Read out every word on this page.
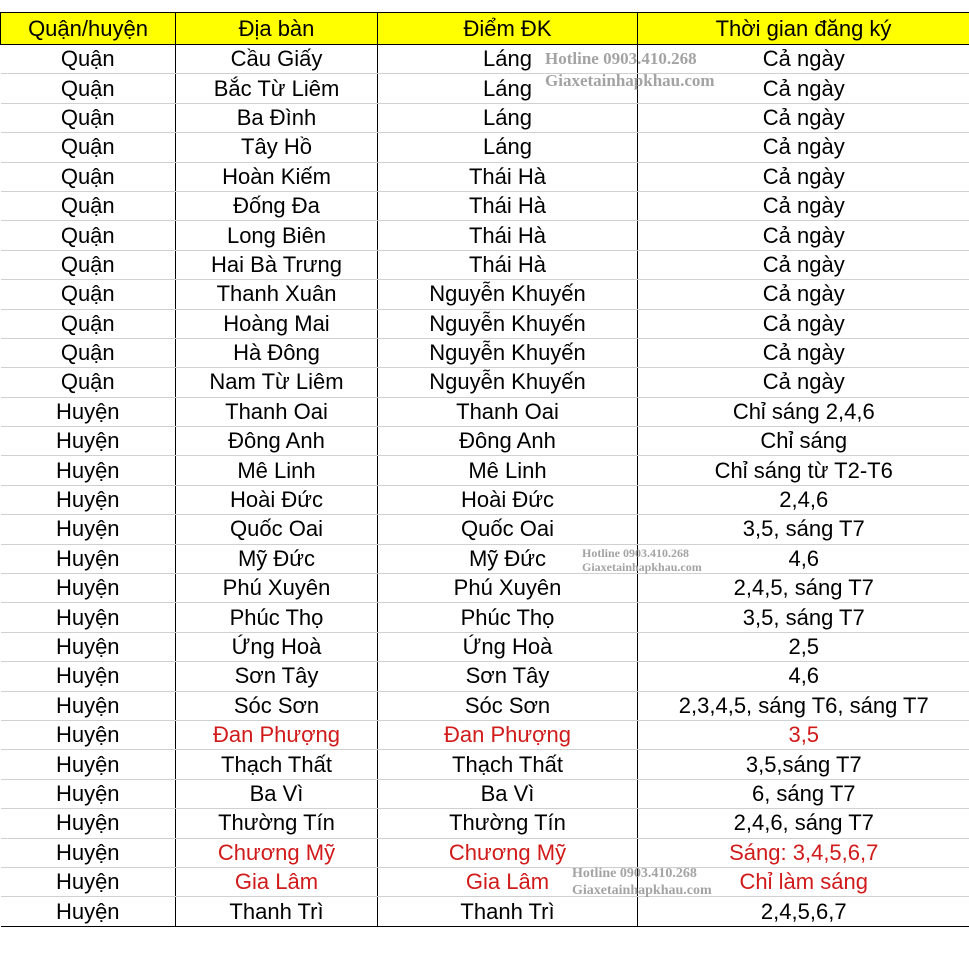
Quận/huyện	Địa bàn	Điểm ĐK	Thời gian đăng ký
Quận	Cầu Giấy	Láng	Cả ngày
Quận	Bắc Từ Liêm	Láng	Cả ngày
Quận	Ba Đình	Láng	Cả ngày
Quận	Tây Hồ	Láng	Cả ngày
Quận	Hoàn Kiếm	Thái Hà	Cả ngày
Quận	Đống Đa	Thái Hà	Cả ngày
Quận	Long Biên	Thái Hà	Cả ngày
Quận	Hai Bà Trưng	Thái Hà	Cả ngày
Quận	Thanh Xuân	Nguyễn Khuyến	Cả ngày
Quận	Hoàng Mai	Nguyễn Khuyến	Cả ngày
Quận	Hà Đông	Nguyễn Khuyến	Cả ngày
Quận	Nam Từ Liêm	Nguyễn Khuyến	Cả ngày
Huyện	Thanh Oai	Thanh Oai	Chỉ sáng 2,4,6
Huyện	Đông Anh	Đông Anh	Chỉ sáng
Huyện	Mê Linh	Mê Linh	Chỉ sáng từ T2-T6
Huyện	Hoài Đức	Hoài Đức	2,4,6
Huyện	Quốc Oai	Quốc Oai	3,5, sáng T7
Huyện	Mỹ Đức	Mỹ Đức	4,6
Huyện	Phú Xuyên	Phú Xuyên	2,4,5, sáng T7
Huyện	Phúc Thọ	Phúc Thọ	3,5, sáng T7
Huyện	Ứng Hoà	Ứng Hoà	2,5
Huyện	Sơn Tây	Sơn Tây	4,6
Huyện	Sóc Sơn	Sóc Sơn	2,3,4,5, sáng T6, sáng T7
Huyện	Đan Phượng	Đan Phượng	3,5
Huyện	Thạch Thất	Thạch Thất	3,5,sáng T7
Huyện	Ba Vì	Ba Vì	6, sáng T7
Huyện	Thường Tín	Thường Tín	2,4,6, sáng T7
Huyện	Chương Mỹ	Chương Mỹ	Sáng: 3,4,5,6,7
Huyện	Gia Lâm	Gia Lâm	Chỉ làm sáng
Huyện	Thanh Trì	Thanh Trì	2,4,5,6,7
Hotline 0903.410.268
Giaxetainhapkhau.com
Hotline 0903.410.268
Giaxetainhapkhau.com
Hotline 0903.410.268
Giaxetainhapkhau.com
